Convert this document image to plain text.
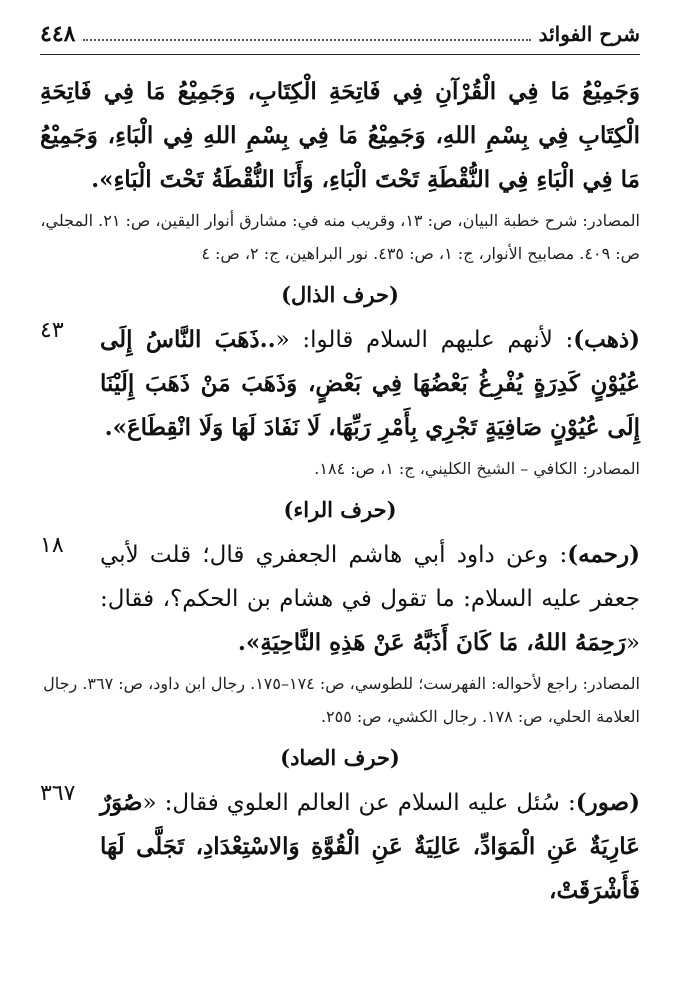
٤٤٨	شرح الفوائد
وَجَمِيْعُ مَا فِي الْقُرْآنِ فِي فَاتِحَةِ الْكِتَابِ، وَجَمِيْعُ مَا فِي فَاتِحَةِ الْكِتَابِ فِي بِسْمِ اللهِ، وَجَمِيْعُ مَا فِي بِسْمِ اللهِ فِي الْبَاءِ، وَجَمِيْعُ مَا فِي الْبَاءِ فِي النُّقْطَةِ تَحْتَ الْبَاءِ، وَأَنَا النُّقْطَةُ تَحْتَ الْبَاءِ».
المصادر: شرح خطبة البيان، ص: ١٣، وقريب منه في: مشارق أنوار اليقين، ص: ٢١. المجلي، ص: ٤٠٩. مصابيح الأنوار، ج: ١، ص: ٤٣٥. نور البراهين، ج: ٢، ص: ٤
(حرف الذال)
٤٣	(ذهب): لأنهم عليهم السلام قالوا: «..ذَهَبَ النَّاسُ إِلَى عُيُوْنٍ كَدِرَةٍ يُفْرِغُ بَعْضُهَا فِي بَعْضٍ، وَذَهَبَ مَنْ ذَهَبَ إِلَيْنَا إِلَى عُيُوْنٍ صَافِيَةٍ تَجْرِي بِأَمْرِ رَبِّهَا، لَا نَفَادَ لَهَا وَلَا انْقِطَاعَ».
المصادر: الكافي – الشيخ الكليني، ج: ١، ص: ١٨٤.
(حرف الراء)
١٨	(رحمه): وعن داود أبي هاشم الجعفري قال؛ قلت لأبي جعفر عليه السلام: ما تقول في هشام بن الحكم؟، فقال: «رَحِمَهُ اللهُ، مَا كَانَ أَذَبَّهُ عَنْ هَذِهِ النَّاحِيَةِ».
المصادر: راجع لأحواله: الفهرست؛ للطوسي، ص: ١٧٤–١٧٥. رجال ابن داود، ص: ٣٦٧. رجال العلامة الحلي، ص: ١٧٨. رجال الكشي، ص: ٢٥٥.
(حرف الصاد)
٣٦٧	(صور): سُئل عليه السلام عن العالم العلوي فقال: «صُوَرٌ عَارِيَةٌ عَنِ الْمَوَادِّ، عَالِيَةٌ عَنِ الْقُوَّةِ وَالاسْتِعْدَادِ، تَجَلَّى لَهَا فَأَشْرَقَتْ،
